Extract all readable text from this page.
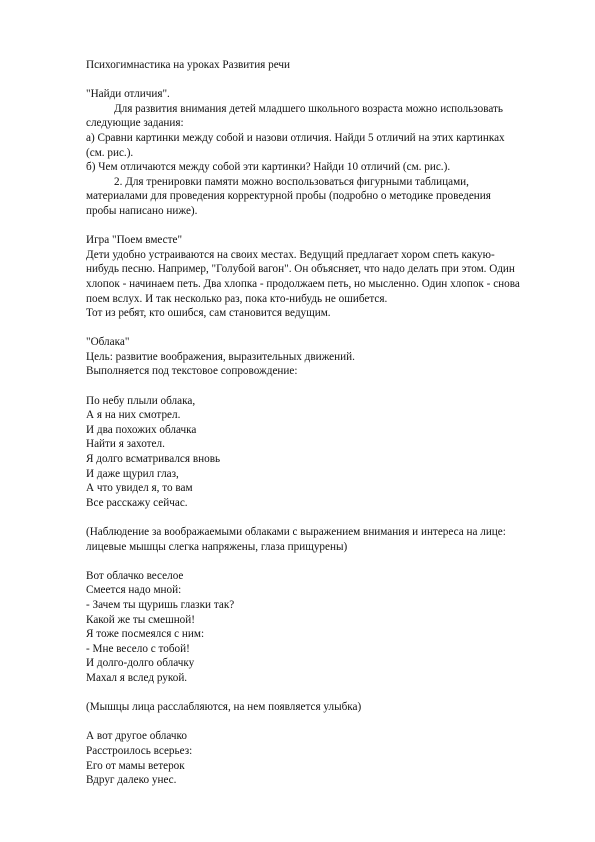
Психогимнастика на уроках Развития речи
"Найди отличия".
Для развития внимания детей младшего школьного возраста можно использовать
следующие задания:
а) Сравни картинки между собой и назови отличия. Найди 5 отличий на этих картинках
(см. рис.).
б) Чем отличаются между собой эти картинки? Найди 10 отличий (см. рис.).
2. Для тренировки памяти можно воспользоваться фигурными таблицами,
материалами для проведения корректурной пробы (подробно о методике проведения
пробы написано ниже).
Игра "Поем вместе"
Дети удобно устраиваются на своих местах. Ведущий предлагает хором спеть какую-
нибудь песню. Например, "Голубой вагон". Он объясняет, что надо делать при этом. Один
хлопок - начинаем петь. Два хлопка - продолжаем петь, но мысленно. Один хлопок - снова
поем вслух. И так несколько раз, пока кто-нибудь не ошибется.
Тот из ребят, кто ошибся, сам становится ведущим.
"Облака"
Цель: развитие воображения, выразительных движений.
Выполняется под текстовое сопровождение:
По небу плыли облака,
А я на них смотрел.
И два похожих облачка
Найти я захотел.
Я долго всматривался вновь
И даже щурил глаз,
А что увидел я, то вам
Все расскажу сейчас.
(Наблюдение за воображаемыми облаками с выражением внимания и интереса на лице:
лицевые мышцы слегка напряжены, глаза прищурены)
Вот облачко веселое
Смеется надо мной:
- Зачем ты щуришь глазки так?
Какой же ты смешной!
Я тоже посмеялся с ним:
- Мне весело с тобой!
И долго-долго облачку
Махал я вслед рукой.
(Мышцы лица расслабляются, на нем появляется улыбка)
А вот другое облачко
Расстроилось всерьез:
Его от мамы ветерок
Вдруг далеко унес.
